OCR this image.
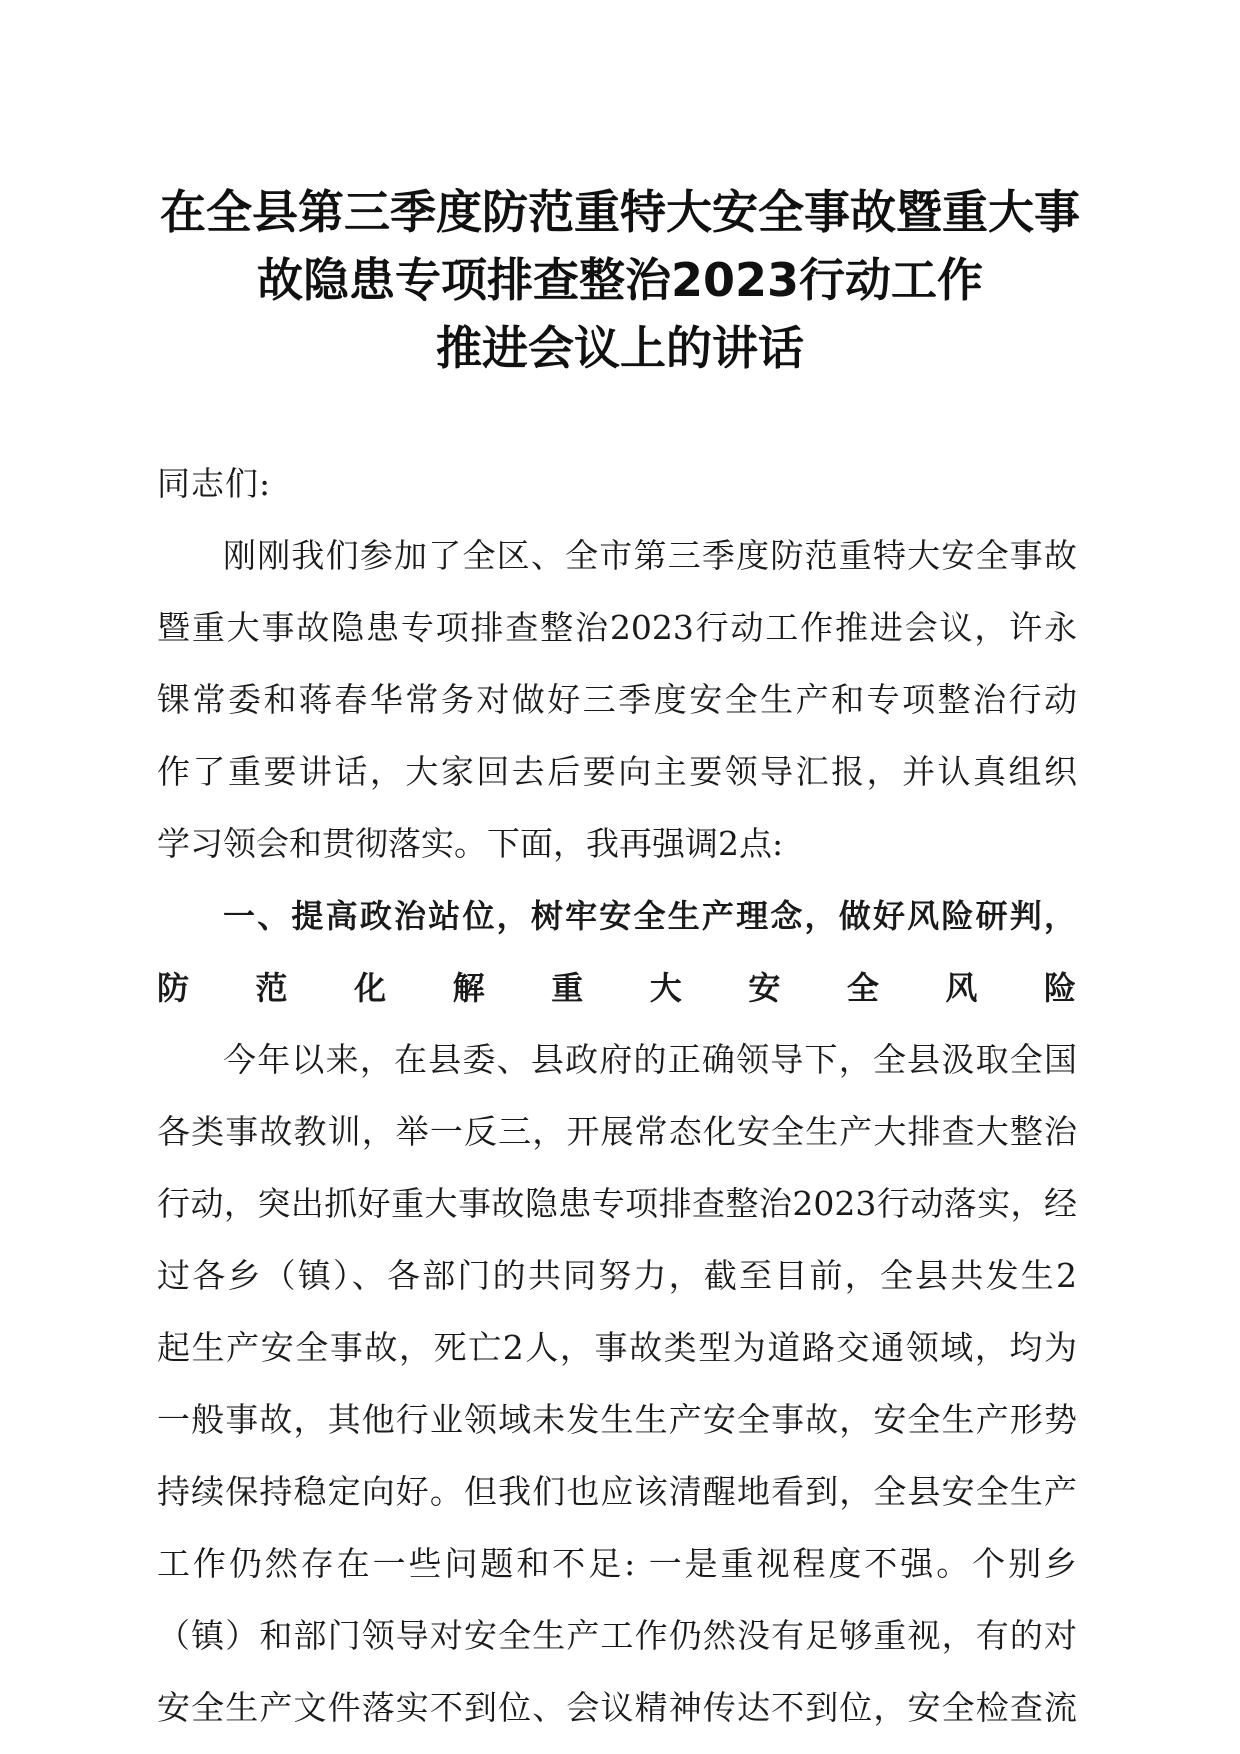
在全县第三季度防范重特大安全事故暨重大事
故隐患专项排查整治2023行动工作
推进会议上的讲话

同志们:

刚刚我们参加了全区、全市第三季度防范重特大安全事故
暨重大事故隐患专项排查整治2023行动工作推进会议，许永
锞常委和蒋春华常务对做好三季度安全生产和专项整治行动
作了重要讲话，大家回去后要向主要领导汇报，并认真组织
学习领会和贯彻落实。下面，我再强调2点:
一、提高政治站位，树牢安全生产理念，做好风险研判，
防范化解重大安全风险
今年以来，在县委、县政府的正确领导下，全县汲取全国
各类事故教训，举一反三，开展常态化安全生产大排查大整治
行动，突出抓好重大事故隐患专项排查整治2023行动落实，经
过各乡（镇）、各部门的共同努力，截至目前，全县共发生2
起生产安全事故，死亡2人，事故类型为道路交通领域，均为
一般事故，其他行业领域未发生生产安全事故，安全生产形势
持续保持稳定向好。但我们也应该清醒地看到，全县安全生产
工作仍然存在一些问题和不足: 一是重视程度不强。个别乡
（镇）和部门领导对安全生产工作仍然没有足够重视，有的对
安全生产文件落实不到位、会议精神传达不到位，安全检查流
